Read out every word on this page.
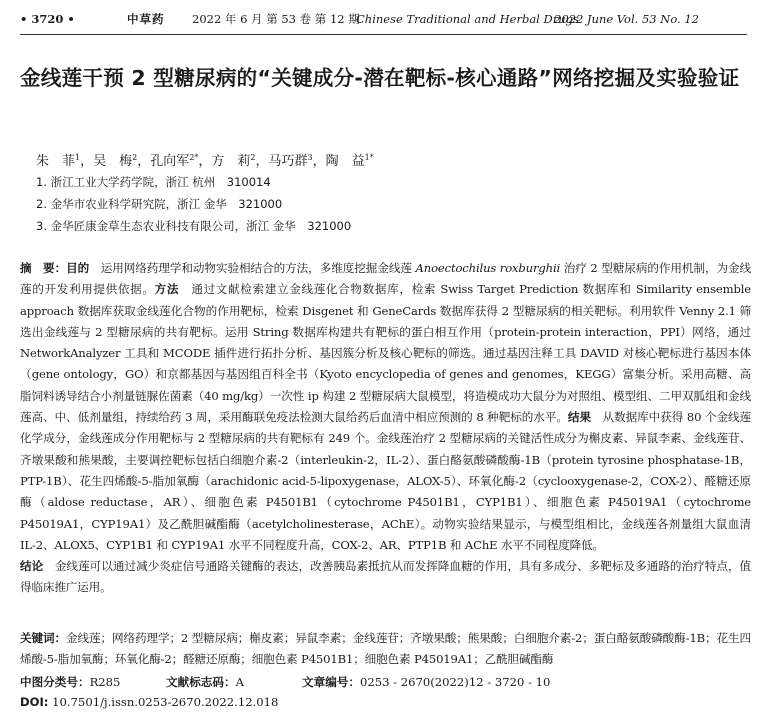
• 3720 •	中草药 2022 年 6 月 第 53 卷 第 12 期
Chinese Traditional and Herbal Drugs
2022 June Vol. 53 No. 12
金线莲干预 2 型糖尿病的“关键成分-潜在靶标-核心通路”网络挖掘及实验验证
朱　菲$^1$，吴　梅$^2$，孔向军$^{2*}$，方　莉$^2$，马巧群$^3$，陶　益$^{1*}$
1. 浙江工业大学药学院，浙江 杭州　310014
2. 金华市农业科学研究院，浙江 金华　321000
3. 金华匠康金草生态农业科技有限公司，浙江 金华　321000
摘　要：目的　运用网络药理学和动物实验相结合的方法，多维度挖掘金线莲 Anoectochilus roxburghii 治疗 2 型糖尿病的作用机制，为金线莲的开发利用提供依据。方法　通过文献检索建立金线莲化合物数据库，检索 Swiss Target Prediction 数据库和 Similarity ensemble approach 数据库获取金线莲化合物的作用靶标，检索 Disgenet 和 GeneCards 数据库获得 2 型糖尿病的相关靶标。利用软件 Venny 2.1 筛选出金线莲与 2 型糖尿病的共有靶标。运用 String 数据库构建共有靶标的蛋白相互作用（protein-protein interaction，PPI）网络，通过 NetworkAnalyzer 工具和 MCODE 插件进行拓扑分析、基因簇分析及核心靶标的筛选。通过基因注释工具 DAVID 对核心靶标进行基因本体（gene ontology，GO）和京都基因与基因组百科全书（Kyoto encyclopedia of genes and genomes，KEGG）富集分析。采用高糖、高脂饲料诱导结合小剂量链脲佐菌素（40 mg/kg）一次性 ip 构建 2 型糖尿病大鼠模型，将造模成功大鼠分为对照组、模型组、二甲双胍组和金线莲高、中、低剂量组，持续给药 3 周，采用酶联免疫法检测大鼠给药后血清中相应预测的 8 种靶标的水平。结果　从数据库中获得 80 个金线莲化学成分，金线莲成分作用靶标与 2 型糖尿病的共有靶标有 249 个。金线莲治疗 2 型糖尿病的关键活性成分为槲皮素、异鼠李素、金线莲苷、齐墩果酸和熊果酸，主要调控靶标包括白细胞介素-2（interleukin-2，IL-2）、蛋白酪氨酸磷酸酶-1B（protein tyrosine phosphatase-1B，PTP-1B）、花生四烯酸-5-脂加氧酶（arachidonic acid-5-lipoxygenase，ALOX-5）、环氧化酶-2（cyclooxygenase-2，COX-2）、醛糖还原酶（aldose reductase，AR）、细胞色素 P4501B1（cytochrome P4501B1，CYP1B1）、细胞色素 P45019A1（cytochrome P45019A1，CYP19A1）及乙酰胆碱酯酶（acetylcholinesterase，AChE）。动物实验结果显示，与模型组相比，金线莲各剂量组大鼠血清 IL-2、ALOX5、CYP1B1 和 CYP19A1 水平不同程度升高，COX-2、AR、PTP1B 和 AChE 水平不同程度降低。
结论　金线莲可以通过减少炎症信号通路关键酶的表达，改善胰岛素抵抗从而发挥降血糖的作用，具有多成分、多靶标及多通路的治疗特点，值得临床推广运用。
关键词：金线莲；网络药理学；2 型糖尿病；槲皮素；异鼠李素；金线莲苷；齐墩果酸；熊果酸；白细胞介素-2；蛋白酪氨酸磷酸酶-1B；花生四烯酸-5-脂加氧酶；环氧化酶-2；醛糖还原酶；细胞色素 P4501B1；细胞色素 P45019A1；乙酰胆碱酯酶
中图分类号：R285	文献标志码：A	文章编号：0253 - 2670(2022)12 - 3720 - 10
DOI: 10.7501/j.issn.0253-2670.2022.12.018
